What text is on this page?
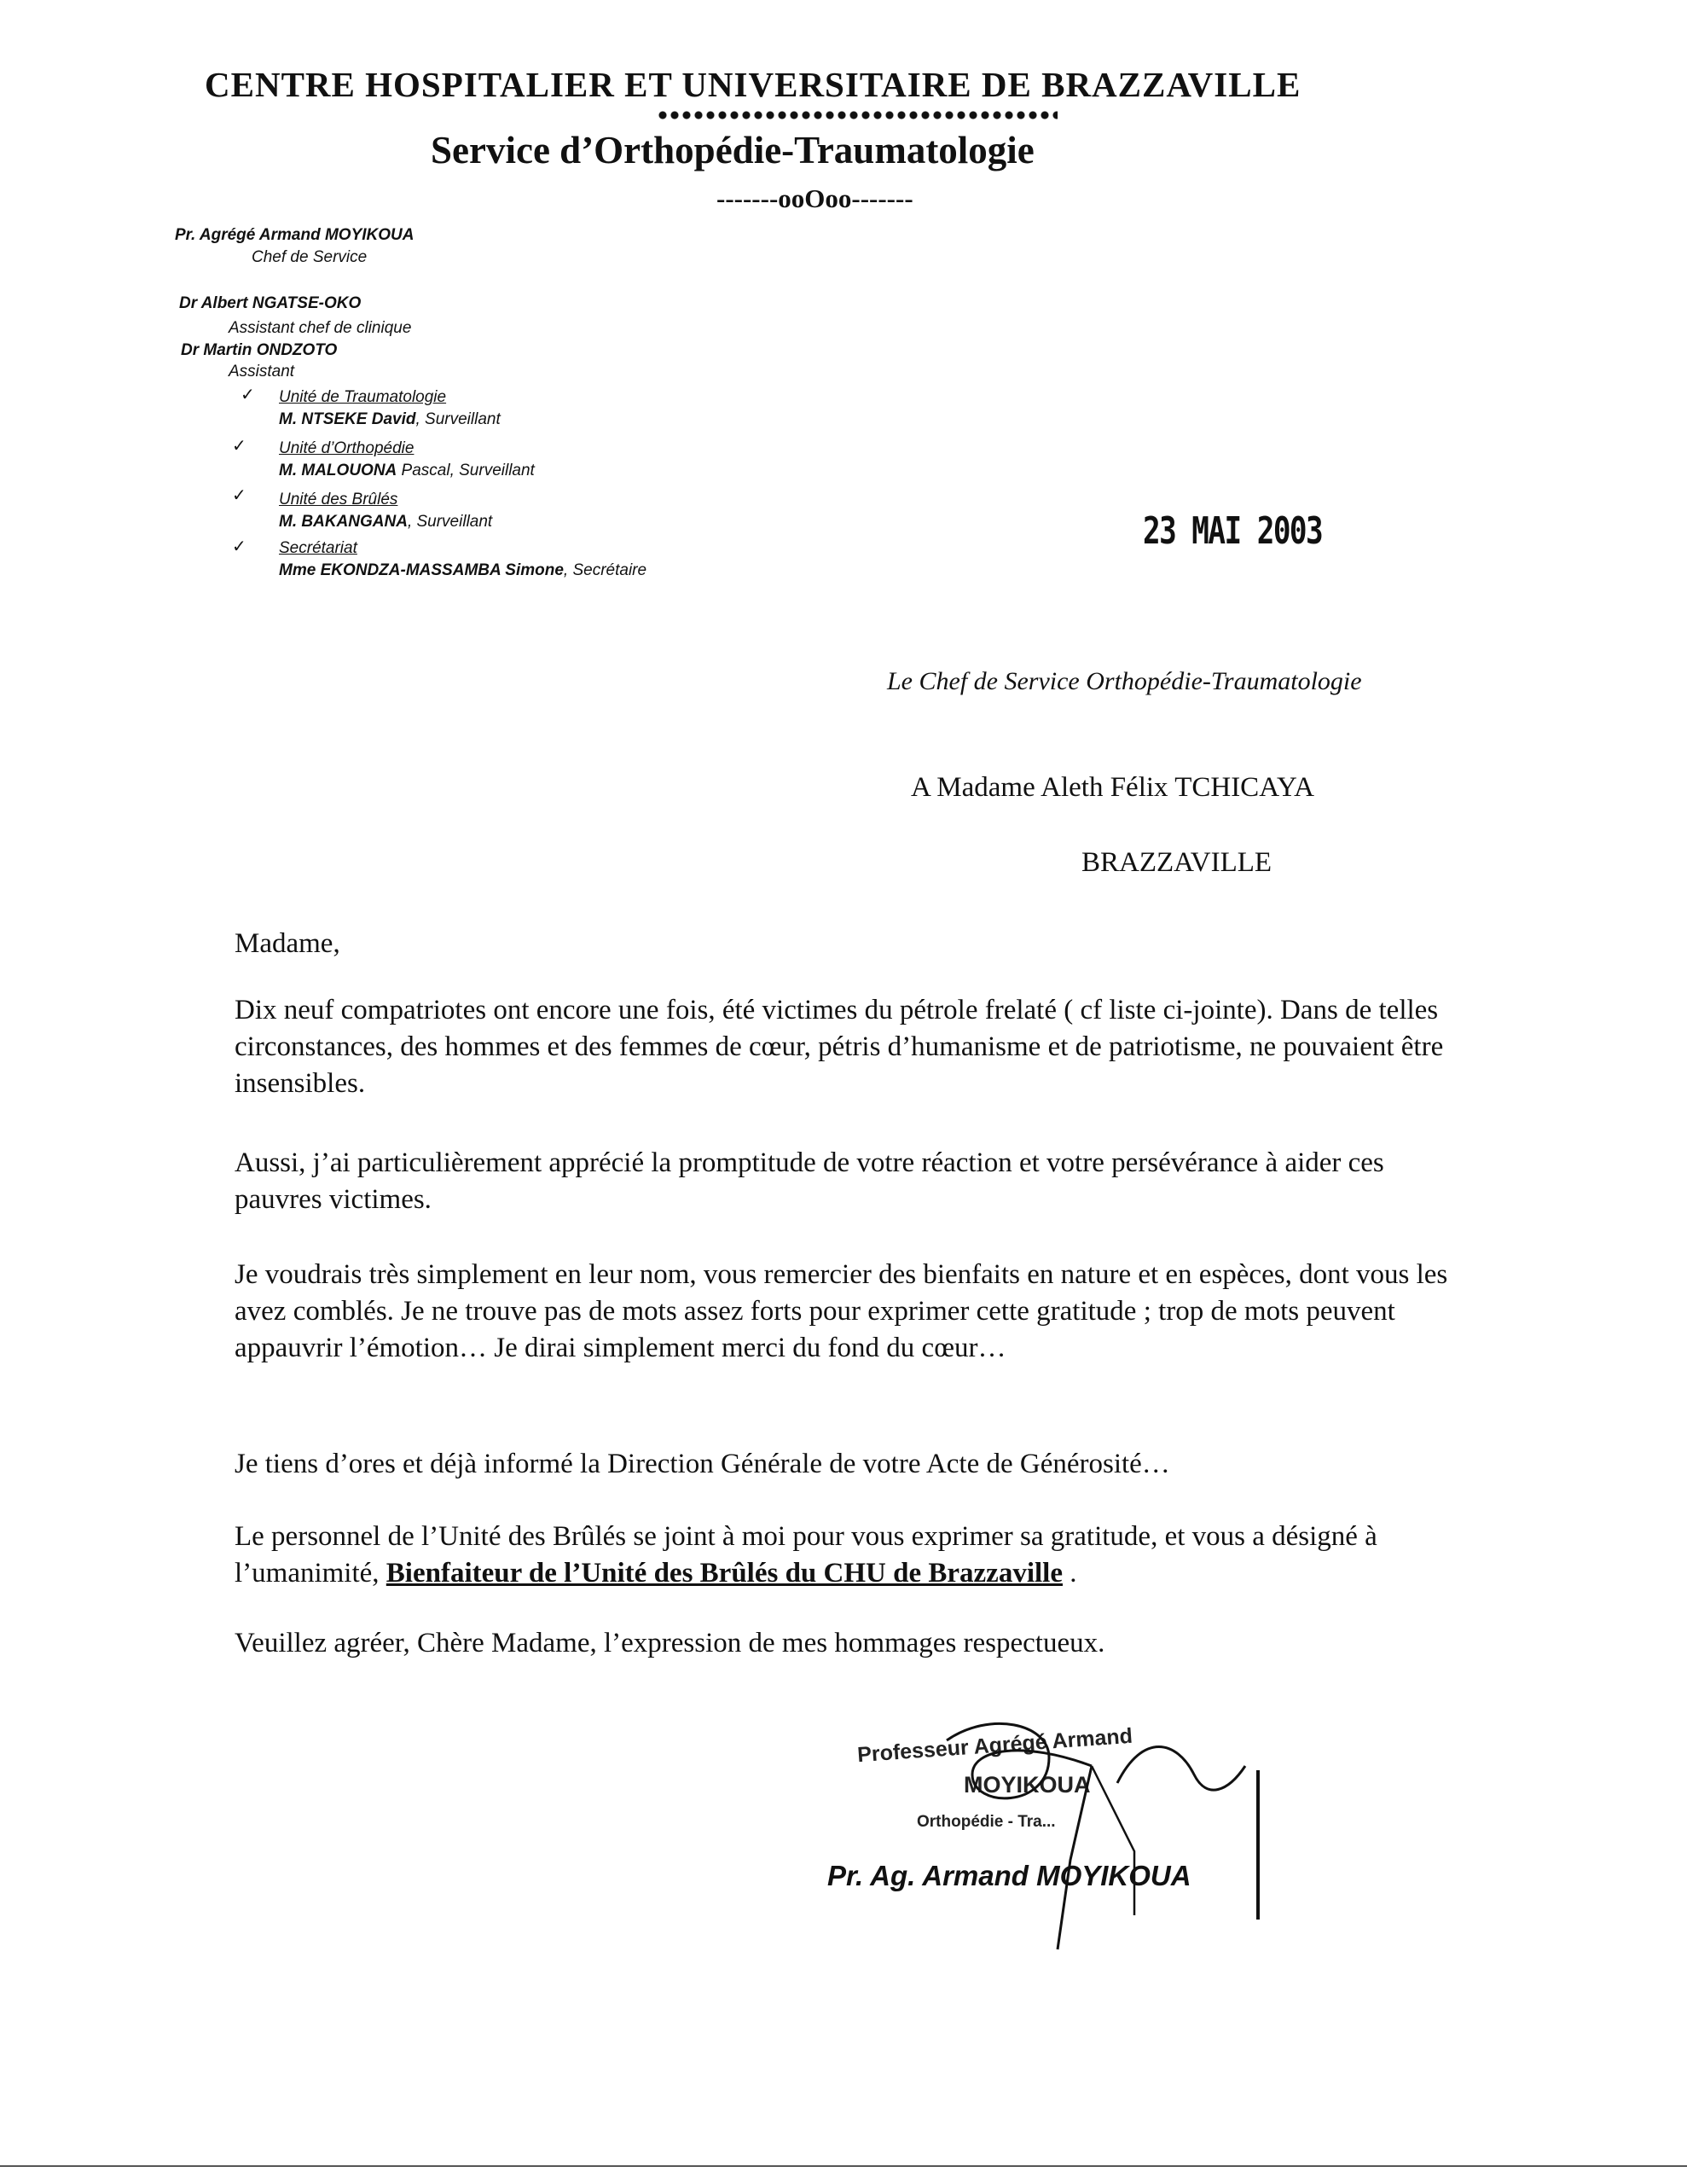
CENTRE HOSPITALIER ET UNIVERSITAIRE DE BRAZZAVILLE
Service d’Orthopédie-Traumatologie
-------ooOoo-------
Pr. Agrégé Armand MOYIKOUA
Chef de Service
Dr Albert NGATSE-OKO
Assistant chef de clinique
Dr Martin ONDZOTO
Assistant
✓ Unité de Traumatologie
M. NTSEKE David, Surveillant
✓ Unité d’Orthopédie
M. MALOUONA Pascal, Surveillant
✓ Unité des Brûlés
M. BAKANGANA, Surveillant
✓ Secrétariat
Mme EKONDZA-MASSAMBA Simone, Secrétaire
23 MAI 2003
Le Chef de Service Orthopédie-Traumatologie
A Madame Aleth Félix TCHICAYA
BRAZZAVILLE
Madame,
Dix neuf compatriotes ont encore une fois, été victimes du pétrole frelaté ( cf liste ci-jointe). Dans de telles circonstances, des hommes et des femmes de cœur, pétris d’humanisme et de patriotisme, ne pouvaient être insensibles.
Aussi, j’ai particulièrement apprécié la promptitude de votre réaction et votre persévérance à aider ces pauvres victimes.
Je voudrais très simplement en leur nom, vous remercier des bienfaits en nature et en espèces, dont vous les avez comblés. Je ne trouve pas de mots assez forts pour exprimer cette gratitude ; trop de mots peuvent appauvrir l’émotion… Je dirai simplement merci du fond du cœur…
Je tiens d’ores et déjà informé la Direction Générale de votre Acte de Générosité…
Le personnel de l’Unité des Brûlés se joint à moi pour vous exprimer sa gratitude, et vous a désigné à l’umanimité, Bienfaiteur de l’Unité des Brûlés du CHU de Brazzaville .
Veuillez agréer, Chère Madame, l’expression de mes hommages respectueux.
Professeur Agrégé Armand
MOYIKOUA
Orthopédie - Tra...
Pr. Ag. Armand MOYIKOUA
